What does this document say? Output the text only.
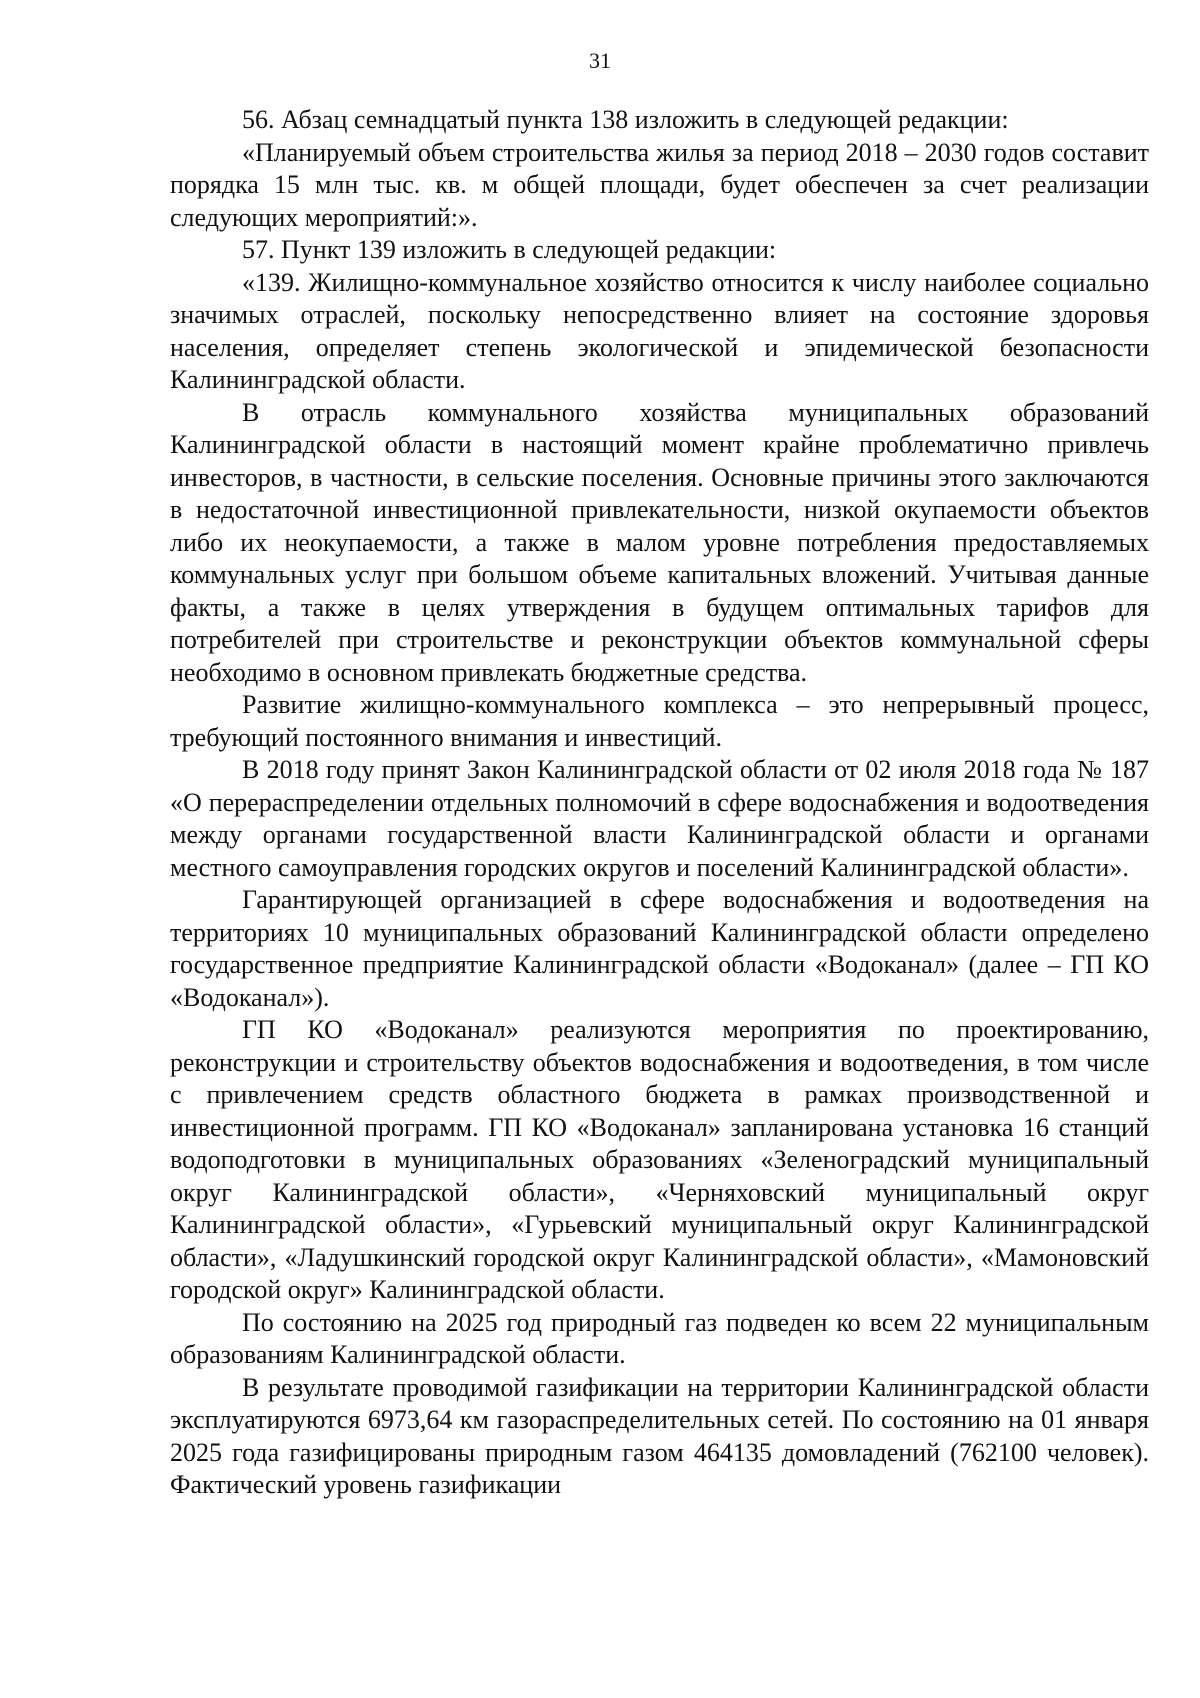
31

56. Абзац семнадцатый пункта 138 изложить в следующей редакции:

«Планируемый объем строительства жилья за период 2018 – 2030 годов составит порядка 15 млн тыс. кв. м общей площади, будет обеспечен за счет реализации следующих мероприятий:».

57. Пункт 139 изложить в следующей редакции:

«139. Жилищно-коммунальное хозяйство относится к числу наиболее социально значимых отраслей, поскольку непосредственно влияет на состояние здоровья населения, определяет степень экологической и эпидемической безопасности Калининградской области.

В отрасль коммунального хозяйства муниципальных образований Калининградской области в настоящий момент крайне проблематично привлечь инвесторов, в частности, в сельские поселения. Основные причины этого заключаются в недостаточной инвестиционной привлекательности, низкой окупаемости объектов либо их неокупаемости, а также в малом уровне потребления предоставляемых коммунальных услуг при большом объеме капитальных вложений. Учитывая данные факты, а также в целях утверждения в будущем оптимальных тарифов для потребителей при строительстве и реконструкции объектов коммунальной сферы необходимо в основном привлекать бюджетные средства.

Развитие жилищно-коммунального комплекса – это непрерывный процесс, требующий постоянного внимания и инвестиций.

В 2018 году принят Закон Калининградской области от 02 июля 2018 года № 187 «О перераспределении отдельных полномочий в сфере водоснабжения и водоотведения между органами государственной власти Калининградской области и органами местного самоуправления городских округов и поселений Калининградской области».

Гарантирующей организацией в сфере водоснабжения и водоотведения на территориях 10 муниципальных образований Калининградской области определено государственное предприятие Калининградской области «Водоканал» (далее – ГП КО «Водоканал»).

ГП КО «Водоканал» реализуются мероприятия по проектированию, реконструкции и строительству объектов водоснабжения и водоотведения, в том числе с привлечением средств областного бюджета в рамках производственной и инвестиционной программ. ГП КО «Водоканал» запланирована установка 16 станций водоподготовки в муниципальных образованиях «Зеленоградский муниципальный округ Калининградской области», «Черняховский муниципальный округ Калининградской области», «Гурьевский муниципальный округ Калининградской области», «Ладушкинский городской округ Калининградской области», «Мамоновский городской округ» Калининградской области.

По состоянию на 2025 год природный газ подведен ко всем 22 муниципальным образованиям Калининградской области.

В результате проводимой газификации на территории Калининградской области эксплуатируются 6973,64 км газораспределительных сетей. По состоянию на 01 января 2025 года газифицированы природным газом 464135 домовладений (762100 человек). Фактический уровень газификации
